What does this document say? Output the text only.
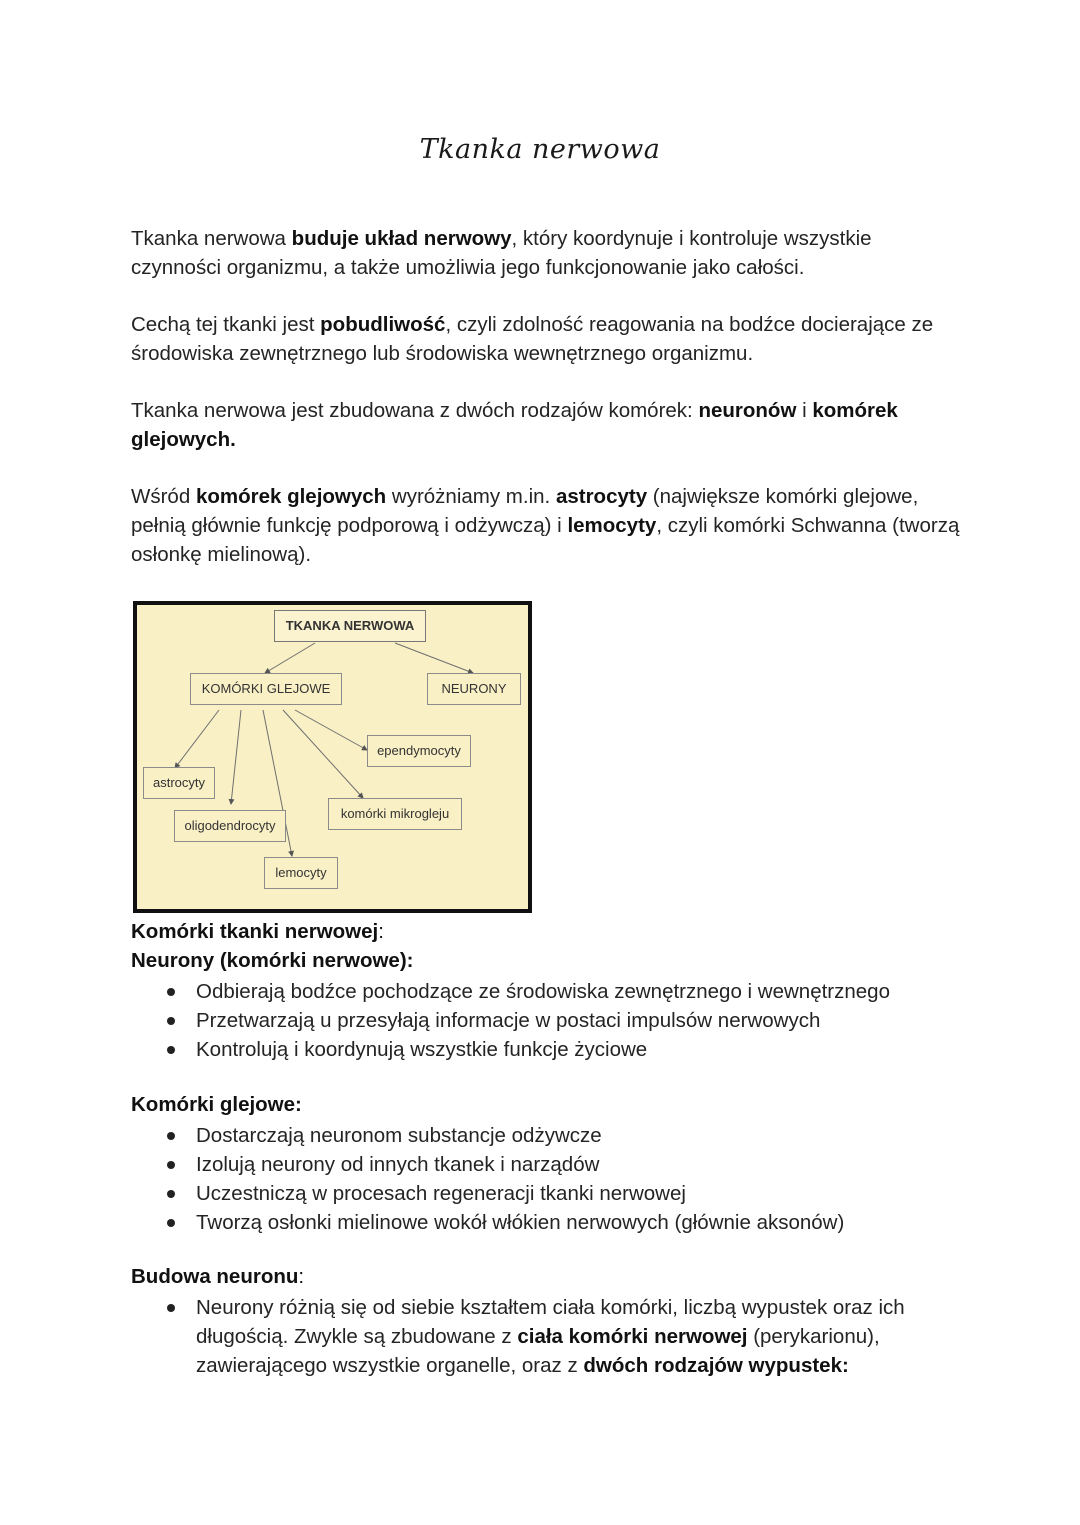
Tkanka nerwowa

Tkanka nerwowa buduje układ nerwowy, który koordynuje i kontroluje wszystkie czynności organizmu, a także umożliwia jego funkcjonowanie jako całości.

Cechą tej tkanki jest pobudliwość, czyli zdolność reagowania na bodźce docierające ze środowiska zewnętrznego lub środowiska wewnętrznego organizmu.

Tkanka nerwowa jest zbudowana z dwóch rodzajów komórek: neuronów i komórek glejowych.

Wśród komórek glejowych wyróżniamy m.in. astrocyty (największe komórki glejowe, pełnią głównie funkcję podporową i odżywczą) i lemocyty, czyli komórki Schwanna (tworzą osłonkę mielinową).

TKANKA NERWOWA
KOMÓRKI GLEJOWE	NEURONY
ependymocyty
astrocyty
komórki mikrogleju
oligodendrocyty
lemocyty
Komórki tkanki nerwowej:
Neurony (komórki nerwowe):
Odbierają bodźce pochodzące ze środowiska zewnętrznego i wewnętrznego
Przetwarzają u przesyłają informacje w postaci impulsów nerwowych
Kontrolują i koordynują wszystkie funkcje życiowe
Komórki glejowe:
Dostarczają neuronom substancje odżywcze
Izolują neurony od innych tkanek i narządów
Uczestniczą w procesach regeneracji tkanki nerwowej
Tworzą osłonki mielinowe wokół włókien nerwowych (głównie aksonów)
Budowa neuronu:
Neurony różnią się od siebie kształtem ciała komórki, liczbą wypustek oraz ich długością. Zwykle są zbudowane z ciała komórki nerwowej (perykarionu), zawierającego wszystkie organelle, oraz z dwóch rodzajów wypustek:
